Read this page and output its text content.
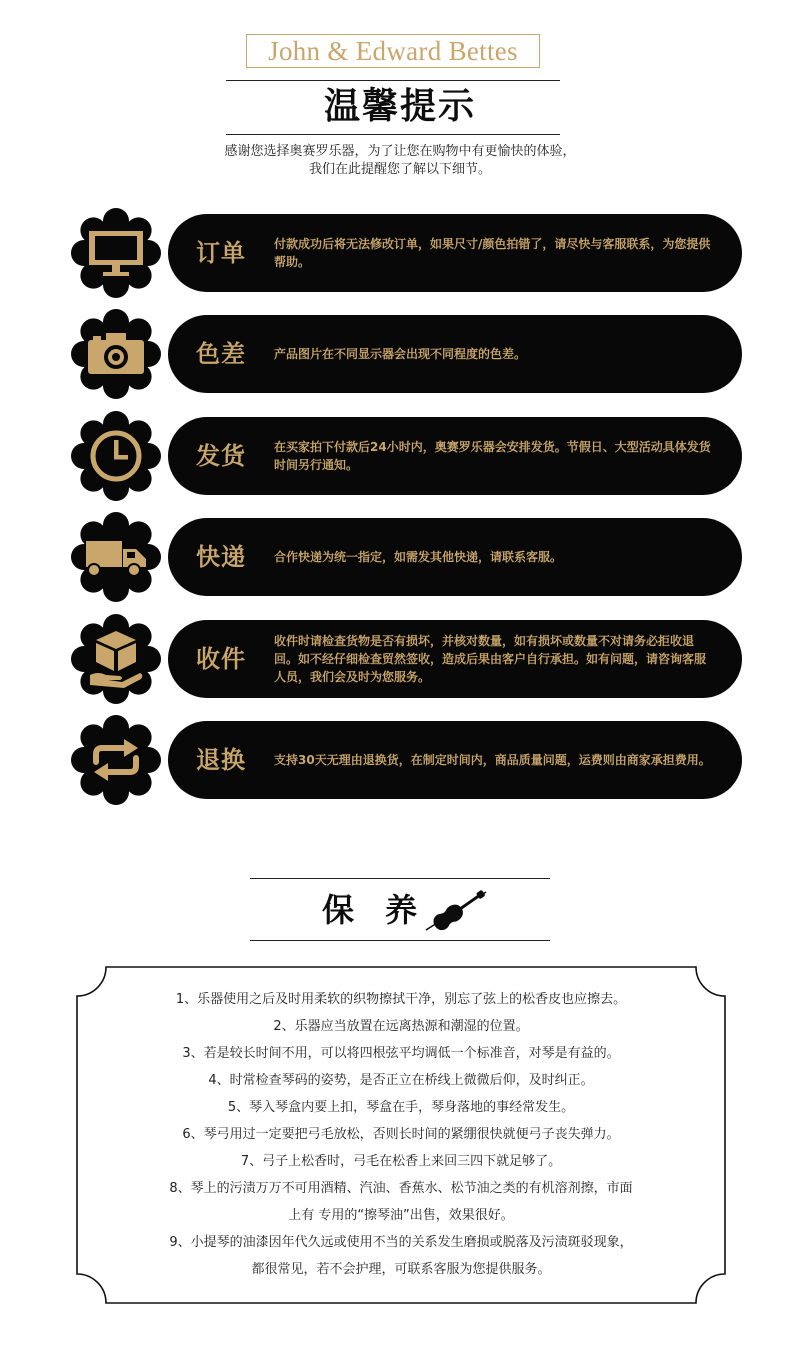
John & Edward Bettes
温馨提示
感谢您选择奥赛罗乐器，为了让您在购物中有更愉快的体验，
我们在此提醒您了解以下细节。
订单 付款成功后将无法修改订单，如果尺寸/颜色拍错了，请尽快与客服联系，为您提供帮助。
色差 产品图片在不同显示器会出现不同程度的色差。
发货 在买家拍下付款后24小时内，奥赛罗乐器会安排发货。节假日、大型活动具体发货时间另行通知。
快递 合作快递为统一指定，如需发其他快递，请联系客服。
收件
收件时请检查货物是否有损坏，并核对数量，如有损坏或数量不对请务必拒收退回。如不经仔细检查贸然签收，造成后果由客户自行承担。如有问题，请咨询客服人员，我们会及时为您服务。
退换 支持30天无理由退换货，在制定时间内，商品质量问题，运费则由商家承担费用。
保 养
1、乐器使用之后及时用柔软的织物擦拭干净，别忘了弦上的松香皮也应擦去。
2、乐器应当放置在远离热源和潮湿的位置。
3、若是较长时间不用，可以将四根弦平均调低一个标准音，对琴是有益的。
4、时常检查琴码的姿势，是否正立在桥线上微微后仰，及时纠正。
5、琴入琴盒内要上扣，琴盒在手，琴身落地的事经常发生。
6、琴弓用过一定要把弓毛放松，否则长时间的紧绷很快就便弓子丧失弹力。
7、弓子上松香时，弓毛在松香上来回三四下就足够了。
8、琴上的污渍万万不可用酒精、汽油、香蕉水、松节油之类的有机溶剂擦，市面
上有 专用的“擦琴油”出售，效果很好。
9、小提琴的油漆因年代久远或使用不当的关系发生磨损或脱落及污渍斑驳现象，
都很常见，若不会护理，可联系客服为您提供服务。
